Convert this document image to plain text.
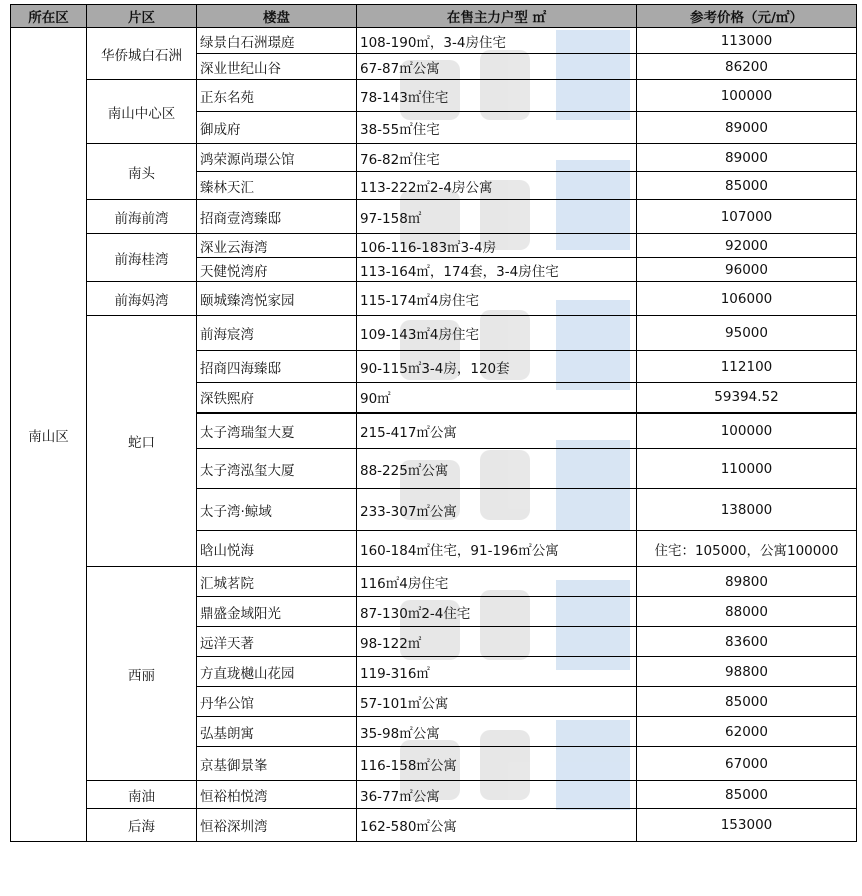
所在区	片区	楼盘	在售主力户型 ㎡	参考价格（元/㎡）
南山区	华侨城白石洲	绿景白石洲璟庭	108-190㎡，3-4房住宅	113000
		深业世纪山谷	67-87㎡公寓	86200
	南山中心区	正东名苑	78-143㎡住宅	100000
		御成府	38-55㎡住宅	89000
	南头	鸿荣源尚璟公馆	76-82㎡住宅	89000
		臻林天汇	113-222㎡2-4房公寓	85000
	前海前湾	招商壹湾臻邸	97-158㎡	107000
	前海桂湾	深业云海湾	106-116-183㎡3-4房	92000
		天健悦湾府	113-164㎡，174套，3-4房住宅	96000
	前海妈湾	颐城臻湾悦家园	115-174㎡4房住宅	106000
	蛇口	前海宸湾	109-143㎡4房住宅	95000
		招商四海臻邸	90-115㎡3-4房，120套	112100
		深铁熙府	90㎡	59394.52
		太子湾瑞玺大夏	215-417㎡公寓	100000
		太子湾泓玺大厦	88-225㎡公寓	110000
		太子湾·鲸域	233-307㎡公寓	138000
		晗山悦海	160-184㎡住宅，91-196㎡公寓	住宅：105000，公寓100000
	西丽	汇城茗院	116㎡4房住宅	89800
		鼎盛金域阳光	87-130㎡2-4住宅	88000
		远洋天著	98-122㎡	83600
		方直珑樾山花园	119-316㎡	98800
		丹华公馆	57-101㎡公寓	85000
		弘基朗寓	35-98㎡公寓	62000
		京基御景峯	116-158㎡公寓	67000
	南油	恒裕柏悦湾	36-77㎡公寓	85000
	后海	恒裕深圳湾	162-580㎡公寓	153000
